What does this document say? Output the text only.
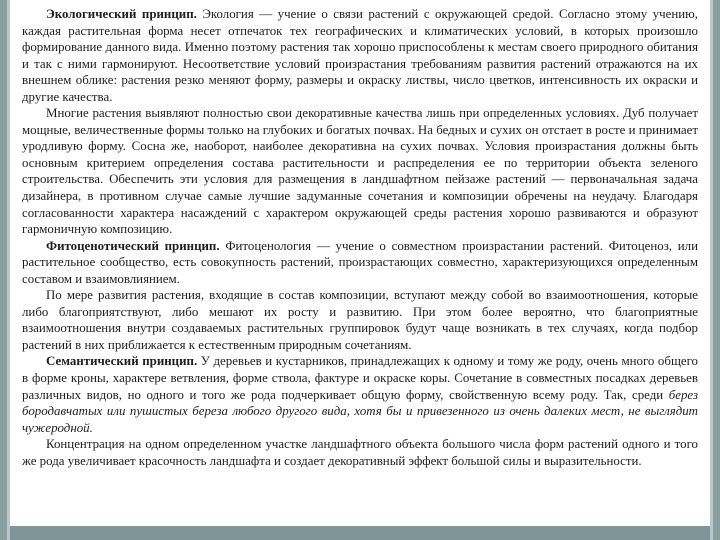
Экологический принцип. Экология — учение о связи растений с окружающей средой. Согласно этому учению, каждая растительная форма несет отпечаток тех географических и климатических условий, в которых произошло формирование данного вида. Именно поэтому растения так хорошо приспособлены к местам своего природного обитания и так с ними гармонируют. Несоответствие условий произрастания требованиям развития растений отражаются на их внешнем облике: растения резко меняют форму, размеры и окраску листвы, число цветков, интенсивность их окраски и другие качества.

Многие растения выявляют полностью свои декоративные качества лишь при определенных условиях. Дуб получает мощные, величественные формы только на глубоких и богатых почвах. На бедных и сухих он отстает в росте и принимает уродливую форму. Сосна же, наоборот, наиболее декоративна на сухих почвах. Условия произрастания должны быть основным критерием определения состава растительности и распределения ее по территории объекта зеленого строительства. Обеспечить эти условия для размещения в ландшафтном пейзаже растений — первоначальная задача дизайнера, в противном случае самые лучшие задуманные сочетания и композиции обречены на неудачу. Благодаря согласованности характера насаждений с характером окружающей среды растения хорошо развиваются и образуют гармоничную композицию.

Фитоценотический принцип. Фитоценология — учение о совместном произрастании растений. Фитоценоз, или растительное сообщество, есть совокупность растений, произрастающих совместно, характеризующихся определенным составом и взаимовлиянием.

По мере развития растения, входящие в состав композиции, вступают между собой во взаимоотношения, которые либо благоприятствуют, либо мешают их росту и развитию. При этом более вероятно, что благоприятные взаимоотношения внутри создаваемых растительных группировок будут чаще возникать в тех случаях, когда подбор растений в них приближается к естественным природным сочетаниям.

Семантический принцип. У деревьев и кустарников, принадлежащих к одному и тому же роду, очень много общего в форме кроны, характере ветвления, форме ствола, фактуре и окраске коры. Сочетание в совместных посадках деревьев различных видов, но одного и того же рода подчеркивает общую форму, свойственную всему роду. Так, среди берез бородавчатых или пушистых береза любого другого вида, хотя бы и привезенного из очень далеких мест, не выглядит чужеродной.

Концентрация на одном определенном участке ландшафтного объекта большого числа форм растений одного и того же рода увеличивает красочность ландшафта и создает декоративный эффект большой силы и выразительности.
